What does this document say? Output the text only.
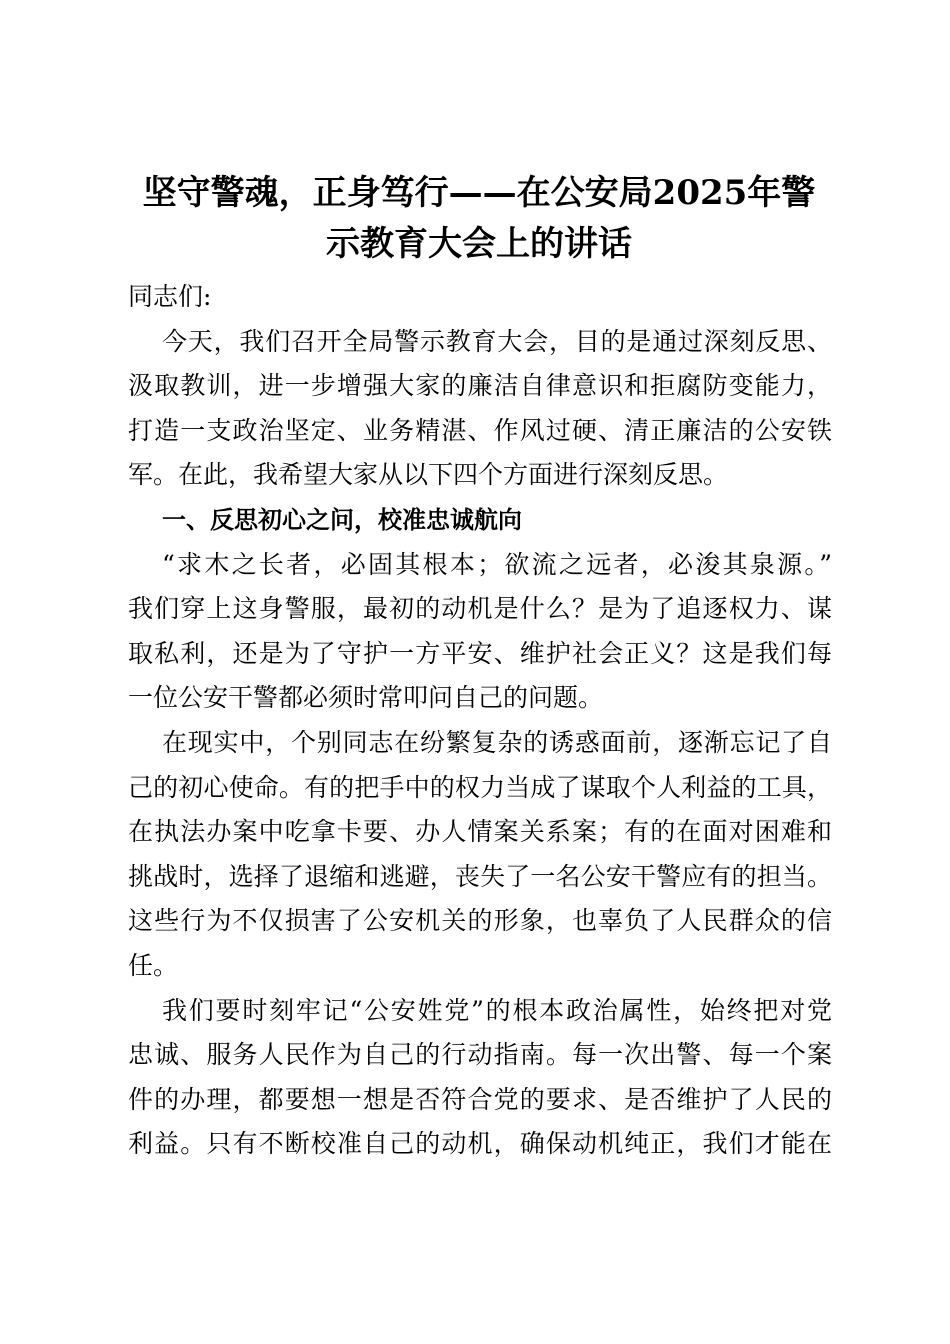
坚守警魂，正身笃行——在公安局2025年警
示教育大会上的讲话
同志们:
今天，我们召开全局警示教育大会，目的是通过深刻反思、
汲取教训，进一步增强大家的廉洁自律意识和拒腐防变能力，
打造一支政治坚定、业务精湛、作风过硬、清正廉洁的公安铁
军。在此，我希望大家从以下四个方面进行深刻反思。
一、反思初心之问，校准忠诚航向
“求木之长者，必固其根本；欲流之远者，必浚其泉源。”
我们穿上这身警服，最初的动机是什么？是为了追逐权力、谋
取私利，还是为了守护一方平安、维护社会正义？这是我们每
一位公安干警都必须时常叩问自己的问题。
在现实中，个别同志在纷繁复杂的诱惑面前，逐渐忘记了自
己的初心使命。有的把手中的权力当成了谋取个人利益的工具，
在执法办案中吃拿卡要、办人情案关系案；有的在面对困难和
挑战时，选择了退缩和逃避，丧失了一名公安干警应有的担当。
这些行为不仅损害了公安机关的形象，也辜负了人民群众的信
任。
我们要时刻牢记“公安姓党”的根本政治属性，始终把对党
忠诚、服务人民作为自己的行动指南。每一次出警、每一个案
件的办理，都要想一想是否符合党的要求、是否维护了人民的
利益。只有不断校准自己的动机，确保动机纯正，我们才能在
